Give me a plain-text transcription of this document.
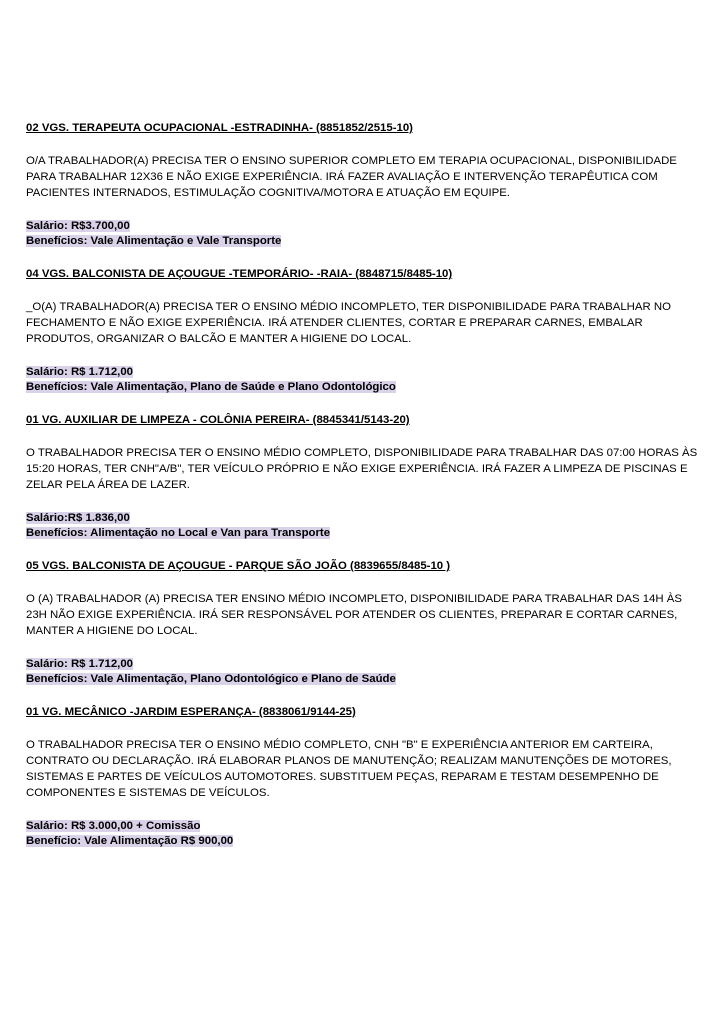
02 VGS. TERAPEUTA OCUPACIONAL -ESTRADINHA- (8851852/2515-10)

O/A TRABALHADOR(A) PRECISA TER O ENSINO SUPERIOR COMPLETO EM TERAPIA OCUPACIONAL, DISPONIBILIDADE PARA TRABALHAR 12X36 E NÃO EXIGE EXPERIÊNCIA. IRÁ FAZER AVALIAÇÃO E INTERVENÇÃO TERAPÊUTICA COM PACIENTES INTERNADOS, ESTIMULAÇÃO COGNITIVA/MOTORA E ATUAÇÃO EM EQUIPE.

Salário: R$3.700,00

Benefícios: Vale Alimentação e Vale Transporte

04 VGS. BALCONISTA DE AÇOUGUE -TEMPORÁRIO- -RAIA- (8848715/8485-10)

_O(A) TRABALHADOR(A) PRECISA TER O ENSINO MÉDIO INCOMPLETO, TER DISPONIBILIDADE PARA TRABALHAR NO FECHAMENTO E NÃO EXIGE EXPERIÊNCIA. IRÁ ATENDER CLIENTES, CORTAR E PREPARAR CARNES, EMBALAR PRODUTOS, ORGANIZAR O BALCÃO E MANTER A HIGIENE DO LOCAL.

Salário: R$ 1.712,00

Benefícios: Vale Alimentação, Plano de Saúde e Plano Odontológico

01 VG. AUXILIAR DE LIMPEZA - COLÔNIA PEREIRA- (8845341/5143-20)

O TRABALHADOR PRECISA TER O ENSINO MÉDIO COMPLETO, DISPONIBILIDADE PARA TRABALHAR DAS 07:00 HORAS ÀS 15:20 HORAS, TER CNH"A/B", TER VEÍCULO PRÓPRIO E NÃO EXIGE EXPERIÊNCIA. IRÁ FAZER A LIMPEZA DE PISCINAS E ZELAR PELA ÁREA DE LAZER.

Salário:R$ 1.836,00

Benefícios: Alimentação no Local e Van para Transporte

05 VGS. BALCONISTA DE AÇOUGUE - PARQUE SÃO JOÃO (8839655/8485-10 )

O (A) TRABALHADOR (A) PRECISA TER ENSINO MÉDIO INCOMPLETO, DISPONIBILIDADE PARA TRABALHAR DAS 14H ÀS 23H NÃO EXIGE EXPERIÊNCIA. IRÁ SER RESPONSÁVEL POR ATENDER OS CLIENTES, PREPARAR E CORTAR CARNES, MANTER A HIGIENE DO LOCAL.

Salário: R$ 1.712,00

Benefícios: Vale Alimentação, Plano Odontológico e Plano de Saúde

01 VG. MECÂNICO -JARDIM ESPERANÇA- (8838061/9144-25)

O TRABALHADOR PRECISA TER O ENSINO MÉDIO COMPLETO, CNH "B" E EXPERIÊNCIA ANTERIOR EM CARTEIRA, CONTRATO OU DECLARAÇÃO. IRÁ ELABORAR PLANOS DE MANUTENÇÃO; REALIZAM MANUTENÇÕES DE MOTORES, SISTEMAS E PARTES DE VEÍCULOS AUTOMOTORES. SUBSTITUEM PEÇAS, REPARAM E TESTAM DESEMPENHO DE COMPONENTES E SISTEMAS DE VEÍCULOS.

Salário: R$ 3.000,00 + Comissão

Benefício: Vale Alimentação R$ 900,00
